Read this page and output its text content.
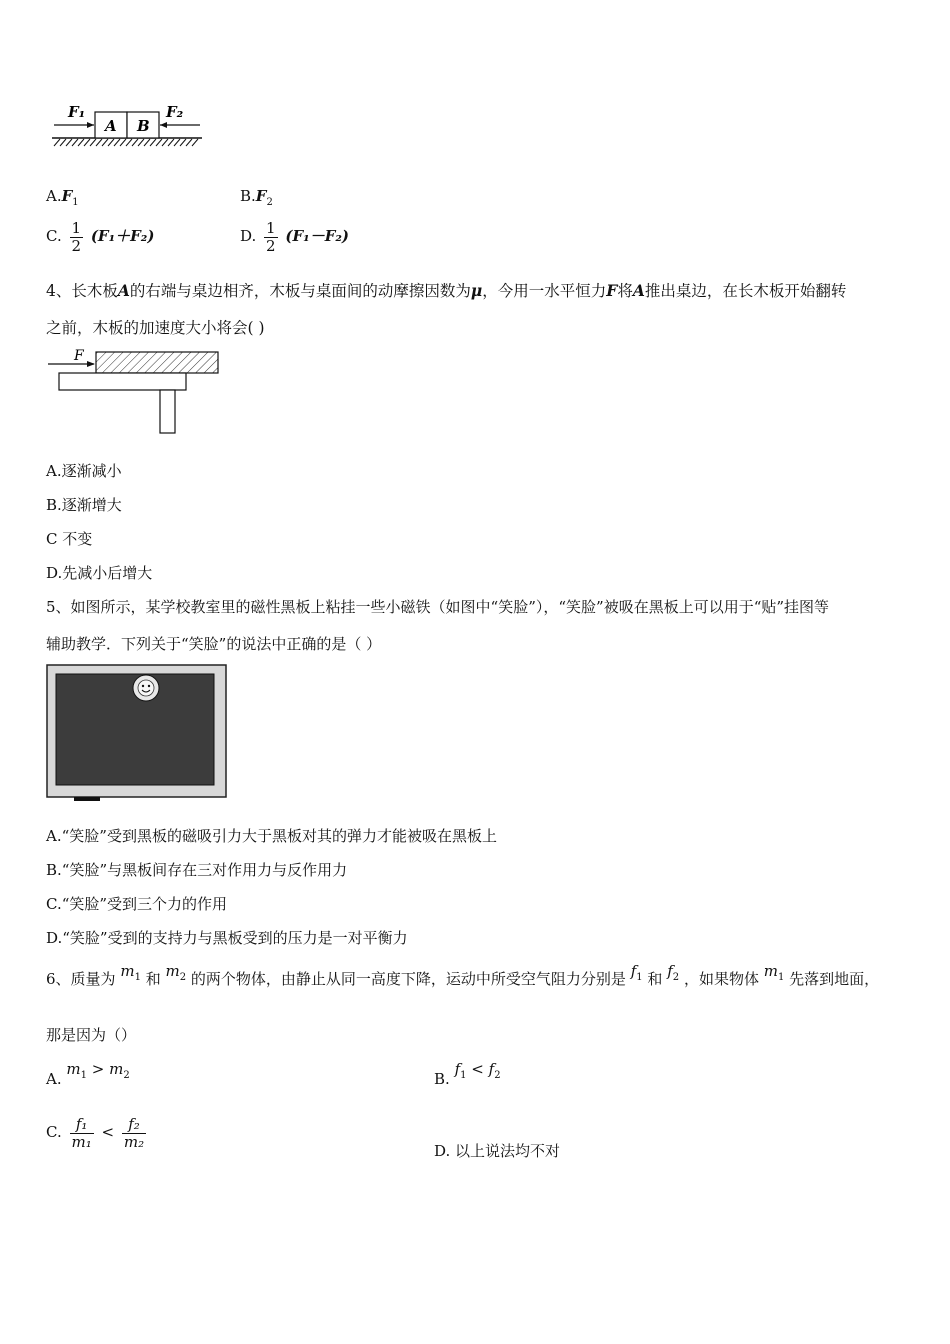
A B
F₁	F₂
$A.F_1$	$B.F_2$
C. $\frac{1}{2} (F_1+F_2)$	D. $\frac{1}{2} (F_1-F_2)$
4、长木板A的右端与桌边相齐，木板与桌面间的动摩擦因数为μ，今用一水平恒力F将A推出桌边，在长木板开始翻转
之前，木板的加速度大小将会( )
F
A.逐渐减小
B.逐渐增大
C 不变
D.先减小后增大
5、如图所示，某学校教室里的磁性黑板上粘挂一些小磁铁（如图中“笑脸”），“笑脸”被吸在黑板上可以用于“贴”挂图等
辅助教学．下列关于“笑脸”的说法中正确的是（ ）
A.“笑脸”受到黑板的磁吸引力大于黑板对其的弹力才能被吸在黑板上
B.“笑脸”与黑板间存在三对作用力与反作用力
C.“笑脸”受到三个力的作用
D.“笑脸”受到的支持力与黑板受到的压力是一对平衡力
6、质量为 $m_1$ 和 $m_2$ 的两个物体，由静止从同一高度下降，运动中所受空气阻力分别是 $f_1$ 和 $f_2$ ，如果物体 $m_1$ 先落到地面，
那是因为（）
A. $m_1 > m_2$	B. $f_1 < f_2$
C. $\frac{\text{f₁}}{\text{m₁}} < \frac{\text{f₂}}{\text{m₂}}$
D. 以上说法均不对
